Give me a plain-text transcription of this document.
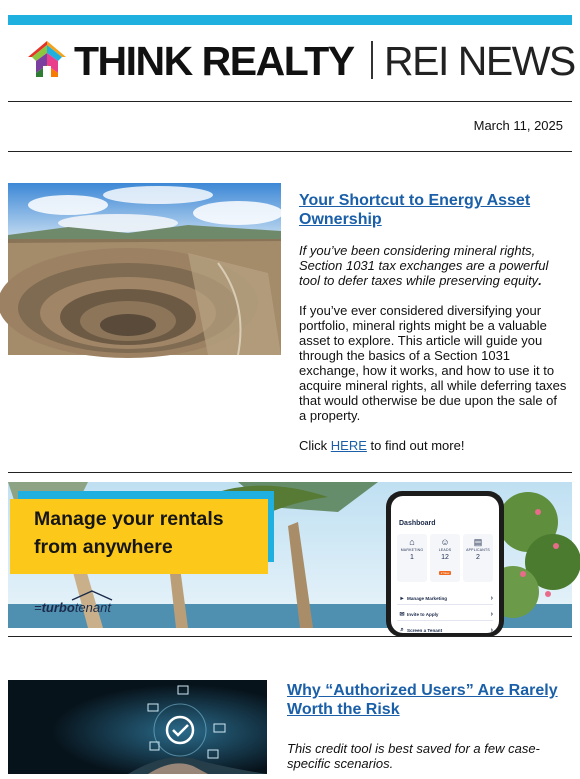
THINK REALTY REI NEWS
March 11, 2025
Your Shortcut to Energy Asset Ownership

If you’ve been considering mineral rights, Section 1031 tax exchanges are a powerful tool to defer taxes while preserving equity.

If you’ve ever considered diversifying your portfolio, mineral rights might be a valuable asset to explore. This article will guide you through the basics of a Section 1031 exchange, how it works, and how to use it to acquire mineral rights, all while deferring taxes that would otherwise be due upon the sale of a property.

Click HERE to find out more!

Manage your rentals from anywhere
=turbotenant
Dashboard
⌂
MARKETING
1
☺
LEADS
12
2 New
▤
APPLICANTS
2
▸ Manage Marketing	›
✉ Invite to Apply	›
⌕ Screen a Tenant	›
Why “Authorized Users” Are Rarely Worth the Risk

This credit tool is best saved for a few case-specific scenarios.
